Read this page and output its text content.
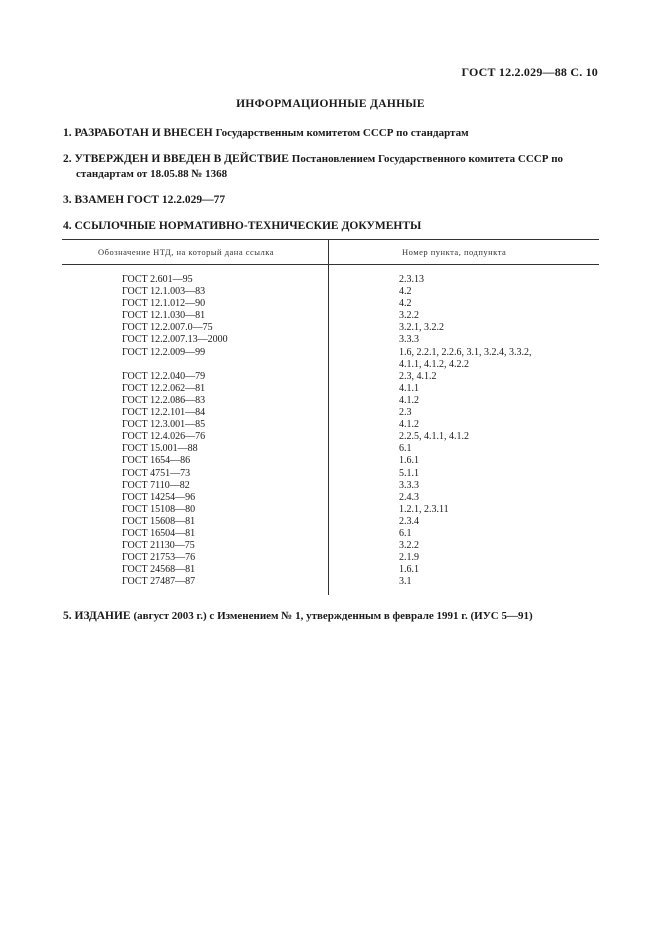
ГОСТ 12.2.029—88 С. 10
ИНФОРМАЦИОННЫЕ ДАННЫЕ
1. РАЗРАБОТАН И ВНЕСЕН Государственным комитетом СССР по стандартам
2. УТВЕРЖДЕН И ВВЕДЕН В ДЕЙСТВИЕ Постановлением Государственного комитета СССР по
стандартам от 18.05.88 № 1368
3. ВЗАМЕН ГОСТ 12.2.029—77
4. ССЫЛОЧНЫЕ НОРМАТИВНО-ТЕХНИЧЕСКИЕ ДОКУМЕНТЫ
Обозначение НТД, на который дана ссылка	Номер пункта, подпункта
ГОСТ 2.601—95	2.3.13
ГОСТ 12.1.003—83	4.2
ГОСТ 12.1.012—90	4.2
ГОСТ 12.1.030—81	3.2.2
ГОСТ 12.2.007.0—75	3.2.1, 3.2.2
ГОСТ 12.2.007.13—2000	3.3.3
ГОСТ 12.2.009—99	1.6, 2.2.1, 2.2.6, 3.1, 3.2.4, 3.3.2,
4.1.1, 4.1.2, 4.2.2
ГОСТ 12.2.040—79	2.3, 4.1.2
ГОСТ 12.2.062—81	4.1.1
ГОСТ 12.2.086—83	4.1.2
ГОСТ 12.2.101—84	2.3
ГОСТ 12.3.001—85	4.1.2
ГОСТ 12.4.026—76	2.2.5, 4.1.1, 4.1.2
ГОСТ 15.001—88	6.1
ГОСТ 1654—86	1.6.1
ГОСТ 4751—73	5.1.1
ГОСТ 7110—82	3.3.3
ГОСТ 14254—96	2.4.3
ГОСТ 15108—80	1.2.1, 2.3.11
ГОСТ 15608—81	2.3.4
ГОСТ 16504—81	6.1
ГОСТ 21130—75	3.2.2
ГОСТ 21753—76	2.1.9
ГОСТ 24568—81	1.6.1
ГОСТ 27487—87	3.1
5. ИЗДАНИЕ (август 2003 г.) с Изменением № 1, утвержденным в феврале 1991 г. (ИУС 5—91)
